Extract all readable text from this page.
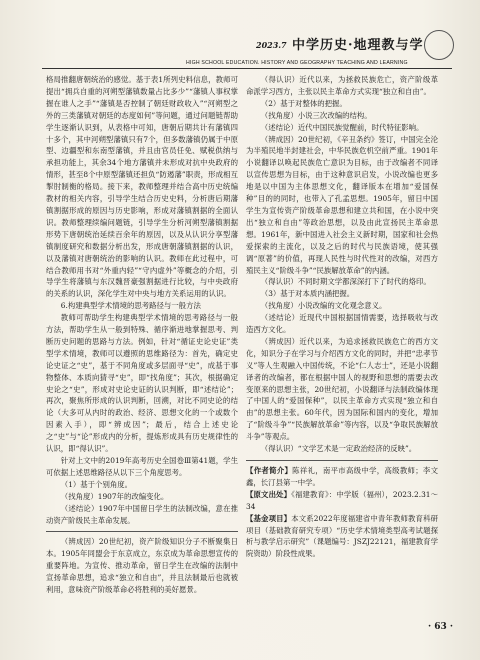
2023.7 中学历史·地理教与学
HIGH SCHOOL EDUCATION. HISTORY AND GEOGRAPHY TEACHING AND LEARNING

格局推翻唐朝统治的感觉。基于表1所列史料信息，教师可提出“拥兵自重的河朔型藩镇数量占比多少”“藩镇人事权掌握在谁人之手”“藩镇是否控制了朝廷财政收入”“河朔型之外的三类藩镇对朝廷的态度如何”等问题，通过问题链帮助学生逐渐认识到，从表格中可知，唐朝后期共计有藩镇四十多个，其中河朔型藩镇只有7个，但多数藩镇仍属于中原型、边疆型和东南型藩镇，并且由官员任免、赋税供纳与承担功能上，其余34个地方藩镇并未形成对抗中央政府的情形，甚至8个中原型藩镇还担负“防遏藩”职责，形成相互掣肘制衡的格局。接下来，教师整理并结合高中历史统编教材的相关内容，引导学生结合历史史料，分析唐后期藩镇割据形成的原因与历史影响，形成对藩镇割据的全面认识。教师整理续编问题链，引导学生分析河朔型藩镇割据形势下唐朝统治延续百余年的原因，以及从认识分享型藩镇制度研究和数据分析出发，形成唐朝藩镇割据的认识，以及藩镇对唐朝统治的影响的认识。教师在此过程中，可结合教师用书对“外重内轻”“守内虚外”等概念的介绍，引导学生将藩镇与东汉魏晋豪强割据进行比较，与中央政府的关系的认识，深化学生对中央与地方关系运用的认识。

6.构建典型学术情境的思考路径与一般方法

教师可帮助学生构建典型学术情境的思考路径与一般方法，帮助学生从一般到特殊、循序渐进地掌握思考、判断历史问题的思路与方法。例如，针对“循证史论史证”类型学术情境，教师可以遵照的思维路径为：首先，确定史论史证之“史”，基于不同角度或多层面寻“史”，成基于事物整体、本质向猜寻“史”，即“找角度”；其次，根据确定史论之“史”，形成对史论史证的认识判断，即“述结论”；再次，聚焦所形成的认识判断，回溯，对比不同史论的结论（大多可从内时的政治、经济、思想文化的一个或数个因素入手），即“辨成因”；最后，结合上述史论之“史”与“论”形成内的分析，提炼形成具有历史规律性的认识，即“得认识”。

针对上文中的2019年高考历史全国卷Ⅲ第41题，学生可依据上述思维路径从以下三个角度思考。

（1）基于个别角度。

（找角度）1907年的改编变化。

（述结论）1907年中国留日学生的法制改编，意在推动资产阶级民主革命发展。

（辨成因）20世纪初，资产阶级知识分子不断聚集日本。1905年同盟会于东京成立，东京成为革命思想宣传的重要阵地。为宣传、推动革命，留日学生在改编的法制中宣扬革命思想，追求“独立和自由”，并且法制最后也就被利用，意味资产阶级革命必将胜利的美好愿景。

（得认识）近代以来，为拯救民族危亡，资产阶级革命派学习西方，主张以民主革命方式实现“独立和自由”。

（2）基于对整体的把握。

（找角度）小说三次改编的结构。

（述结论）近代中国民族觉醒前，时代特征影响。

（辨成因）20世纪初，《辛丑条约》签订，中国完全沦为半殖民地半封建社会，中华民族危机空前严重。1901年小说翻译以唤起民族危亡意识为目标，由于改编者不同译以宣传思想为目标，由于这种意识启发，小说改编也更多地是以中国为主体思想文化，翻译版本在增加“爱国保种”目的的同时，也带入了孔孟思想。1905年，留日中国学生为宣传资产阶级革命思想和建立共和国，在小说中突出“独立和自由”等政治思想，以及由此宣扬民主革命思想。1961年，新中国进入社会主义新时期，国家和社会热爱探索的主流化，以及之后的时代与民族语境，使其强调“原著”的价值，再现人民性与时代性对的改编，对西方殖民主义“阶级斗争”“民族解放革命”的内涵。

（得认识）不同时期文学都深深打下了时代的烙印。

（3）基于对本质内涵把握。

（找角度）小说改编的文化观念意义。

（述结论）近现代中国根据国情需要，选择吸收与改造西方文化。

（辨成因）近代以来，为追求拯救民族危亡的西方文化，知识分子在学习与介绍西方文化的同时，并把“忠孝节义”等人生观融入中国传统，不论“仁人志士”，还是小说翻译者的改编者，都在根据中国人的视野和思想的需要去改变原来的思想主张，20世纪初，小说翻译与法制政编体现了中国人的“爱国保种”，以民主革命方式实现“独立和自由”的思想主张。60年代，因为国际和国内的变化，增加了“阶级斗争”“民族解放革命”等内容，以及“争取民族解放斗争”等观点。

（得认识）“文学艺术是一定政治经济的反映”。

【作者简介】陈祥礼，南平市高级中学，高级教师；李文鑫，长汀县第一中学。

【原文出处】《福建教育》：中学版（福州），2023.2.31～34

【基金项目】本文系2022年度福建省中青年教师教育科研项目（基础教育研究专项）“历史学术情境类型高考试题探析与教学启示研究”（课题编号：JSZJ22121，福建教育学院资助）阶段性成果。

· 63 ·
